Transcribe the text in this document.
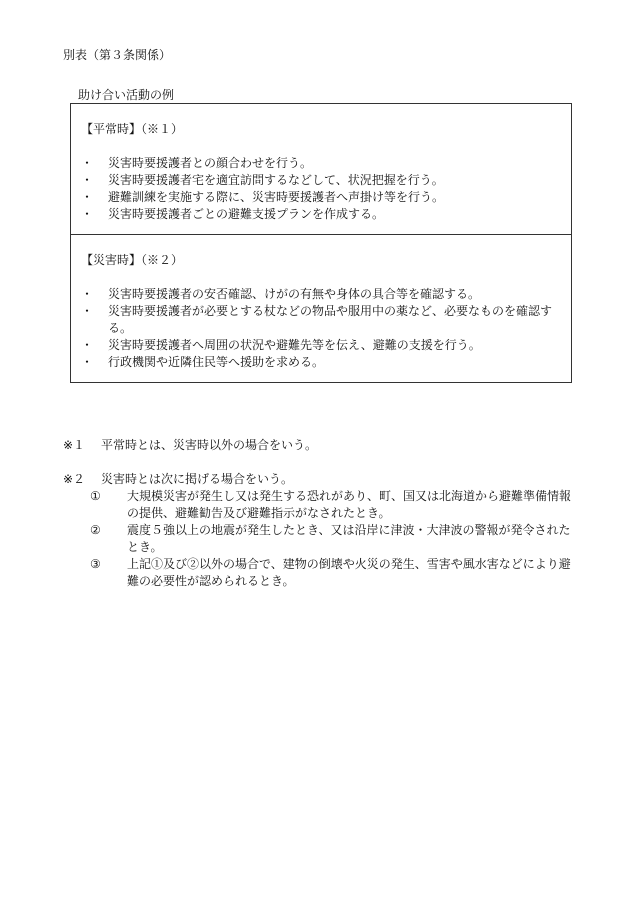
別表（第３条関係）
助け合い活動の例
【平常時】（※１）
・ 災害時要援護者との顔合わせを行う。
・ 災害時要援護者宅を適宜訪問するなどして、状況把握を行う。
・ 避難訓練を実施する際に、災害時要援護者へ声掛け等を行う。
・ 災害時要援護者ごとの避難支援プランを作成する。
【災害時】（※２）
・ 災害時要援護者の安否確認、けがの有無や身体の具合等を確認する。
・ 災害時要援護者が必要とする杖などの物品や服用中の薬など、必要なものを確認する。
・ 災害時要援護者へ周囲の状況や避難先等を伝え、避難の支援を行う。
・ 行政機関や近隣住民等へ援助を求める。
※１ 平常時とは、災害時以外の場合をいう。
※２ 災害時とは次に掲げる場合をいう。
① 大規模災害が発生し又は発生する恐れがあり、町、国又は北海道から避難準備情報の提供、避難勧告及び避難指示がなされたとき。
② 震度５強以上の地震が発生したとき、又は沿岸に津波・大津波の警報が発令されたとき。
③ 上記①及び②以外の場合で、建物の倒壊や火災の発生、雪害や風水害などにより避難の必要性が認められるとき。
